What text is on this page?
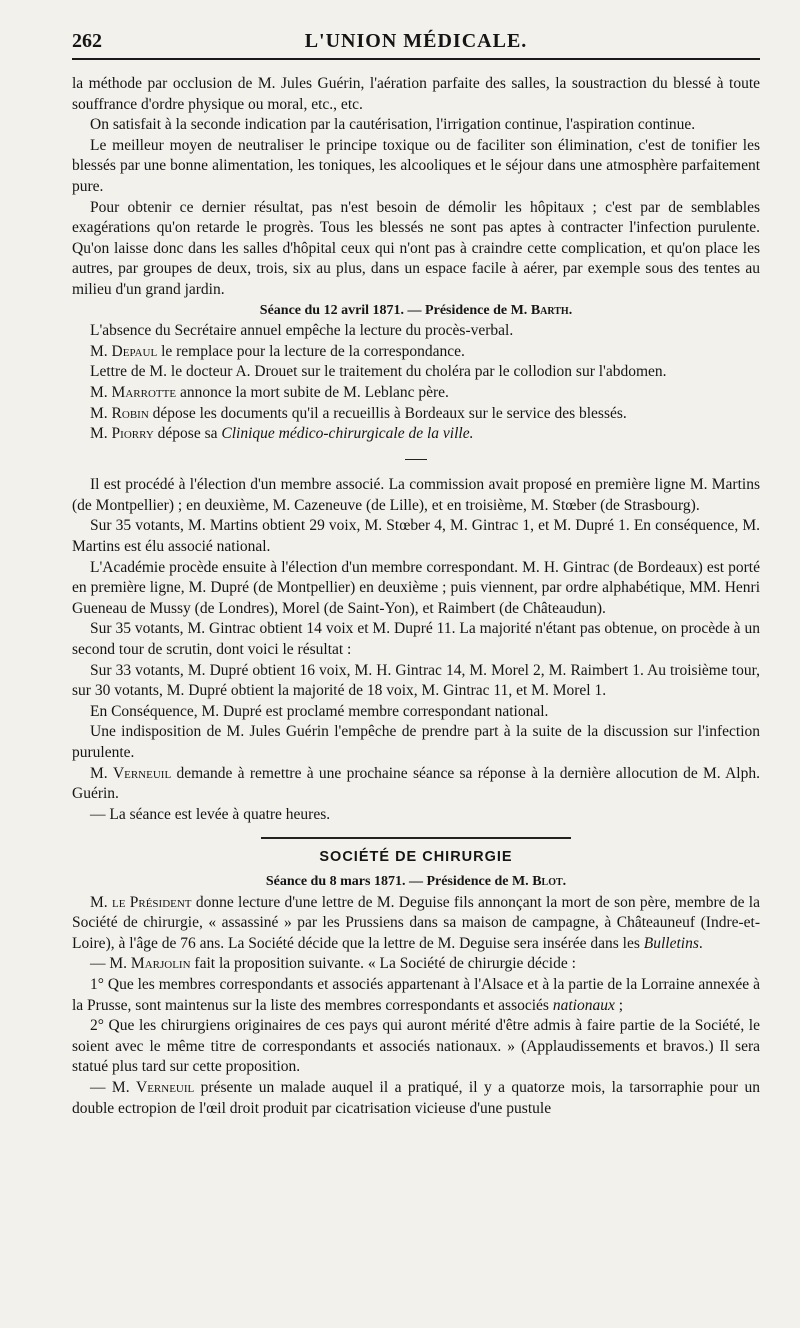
262	L'UNION MÉDICALE.

la méthode par occlusion de M. Jules Guérin, l'aération parfaite des salles, la soustraction du blessé à toute souffrance d'ordre physique ou moral, etc., etc.

On satisfait à la seconde indication par la cautérisation, l'irrigation continue, l'aspiration continue.

Le meilleur moyen de neutraliser le principe toxique ou de faciliter son élimination, c'est de tonifier les blessés par une bonne alimentation, les toniques, les alcooliques et le séjour dans une atmosphère parfaitement pure.

Pour obtenir ce dernier résultat, pas n'est besoin de démolir les hôpitaux ; c'est par de semblables exagérations qu'on retarde le progrès. Tous les blessés ne sont pas aptes à contracter l'infection purulente. Qu'on laisse donc dans les salles d'hôpital ceux qui n'ont pas à craindre cette complication, et qu'on place les autres, par groupes de deux, trois, six au plus, dans un espace facile à aérer, par exemple sous des tentes au milieu d'un grand jardin.

Séance du 12 avril 1871. — Présidence de M. Barth.

L'absence du Secrétaire annuel empêche la lecture du procès-verbal.

M. Depaul le remplace pour la lecture de la correspondance.

Lettre de M. le docteur A. Drouet sur le traitement du choléra par le collodion sur l'abdomen.

M. Marrotte annonce la mort subite de M. Leblanc père.

M. Robin dépose les documents qu'il a recueillis à Bordeaux sur le service des blessés.

M. Piorry dépose sa Clinique médico-chirurgicale de la ville.

Il est procédé à l'élection d'un membre associé. La commission avait proposé en première ligne M. Martins (de Montpellier) ; en deuxième, M. Cazeneuve (de Lille), et en troisième, M. Stœber (de Strasbourg).

Sur 35 votants, M. Martins obtient 29 voix, M. Stœber 4, M. Gintrac 1, et M. Dupré 1. En conséquence, M. Martins est élu associé national.

L'Académie procède ensuite à l'élection d'un membre correspondant. M. H. Gintrac (de Bordeaux) est porté en première ligne, M. Dupré (de Montpellier) en deuxième ; puis viennent, par ordre alphabétique, MM. Henri Gueneau de Mussy (de Londres), Morel (de Saint-Yon), et Raimbert (de Châteaudun).

Sur 35 votants, M. Gintrac obtient 14 voix et M. Dupré 11. La majorité n'étant pas obtenue, on procède à un second tour de scrutin, dont voici le résultat :

Sur 33 votants, M. Dupré obtient 16 voix, M. H. Gintrac 14, M. Morel 2, M. Raimbert 1. Au troisième tour, sur 30 votants, M. Dupré obtient la majorité de 18 voix, M. Gintrac 11, et M. Morel 1.

En Conséquence, M. Dupré est proclamé membre correspondant national.

Une indisposition de M. Jules Guérin l'empêche de prendre part à la suite de la discussion sur l'infection purulente.

M. Verneuil demande à remettre à une prochaine séance sa réponse à la dernière allocution de M. Alph. Guérin.

— La séance est levée à quatre heures.

SOCIÉTÉ DE CHIRURGIE

Séance du 8 mars 1871. — Présidence de M. Blot.

M. le Président donne lecture d'une lettre de M. Deguise fils annonçant la mort de son père, membre de la Société de chirurgie, « assassiné » par les Prussiens dans sa maison de campagne, à Châteauneuf (Indre-et-Loire), à l'âge de 76 ans. La Société décide que la lettre de M. Deguise sera insérée dans les Bulletins.

— M. Marjolin fait la proposition suivante. « La Société de chirurgie décide :

1° Que les membres correspondants et associés appartenant à l'Alsace et à la partie de la Lorraine annexée à la Prusse, sont maintenus sur la liste des membres correspondants et associés nationaux ;

2° Que les chirurgiens originaires de ces pays qui auront mérité d'être admis à faire partie de la Société, le soient avec le même titre de correspondants et associés nationaux. » (Applaudissements et bravos.) Il sera statué plus tard sur cette proposition.

— M. Verneuil présente un malade auquel il a pratiqué, il y a quatorze mois, la tarsorraphie pour un double ectropion de l'œil droit produit par cicatrisation vicieuse d'une pustule
